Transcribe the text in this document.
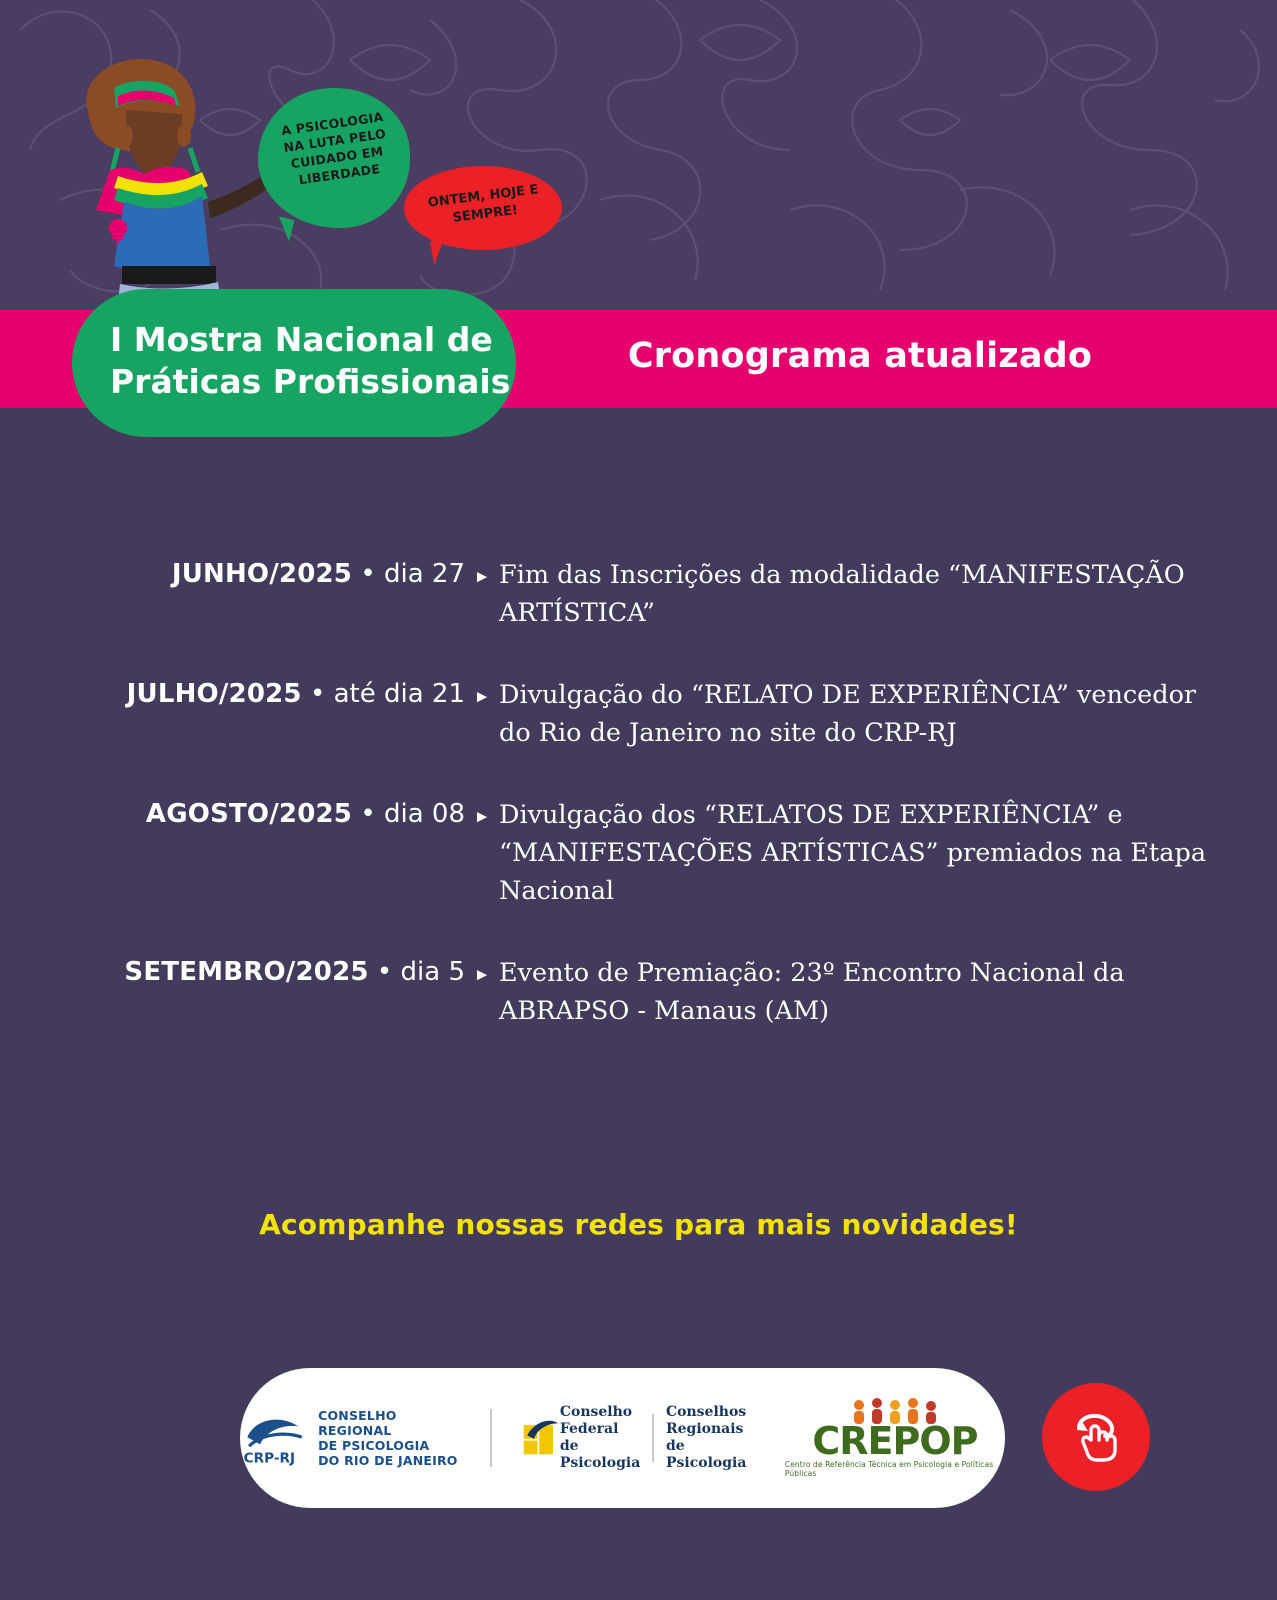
A PSICOLOGIA NA LUTA PELO CUIDADO EM LIBERDADE
ONTEM, HOJE E SEMPRE!
Cronograma atualizado
I Mostra Nacional de
Práticas Profissionais
JUNHO/2025 • dia 27 ► Fim das Inscrições da modalidade “MANIFESTAÇÃO ARTÍSTICA”
JULHO/2025 • até dia 21 ► Divulgação do “RELATO DE EXPERIÊNCIA” vencedor do Rio de Janeiro no site do CRP-RJ
AGOSTO/2025 • dia 08 ► Divulgação dos “RELATOS DE EXPERIÊNCIA” e “MANIFESTAÇÕES ARTÍSTICAS” premiados na Etapa Nacional
SETEMBRO/2025 • dia 5 ► Evento de Premiação: 23º Encontro Nacional da ABRAPSO - Manaus (AM)
Acompanhe nossas redes para mais novidades!
CRP-RJ
CONSELHO REGIONAL
DE PSICOLOGIA
DO RIO DE JANEIRO
Conselho
Federal de
Psicologia
Conselhos
Regionais de
Psicologia CREPOP
Centro de Referência Técnica em Psicologia e Políticas Públicas
